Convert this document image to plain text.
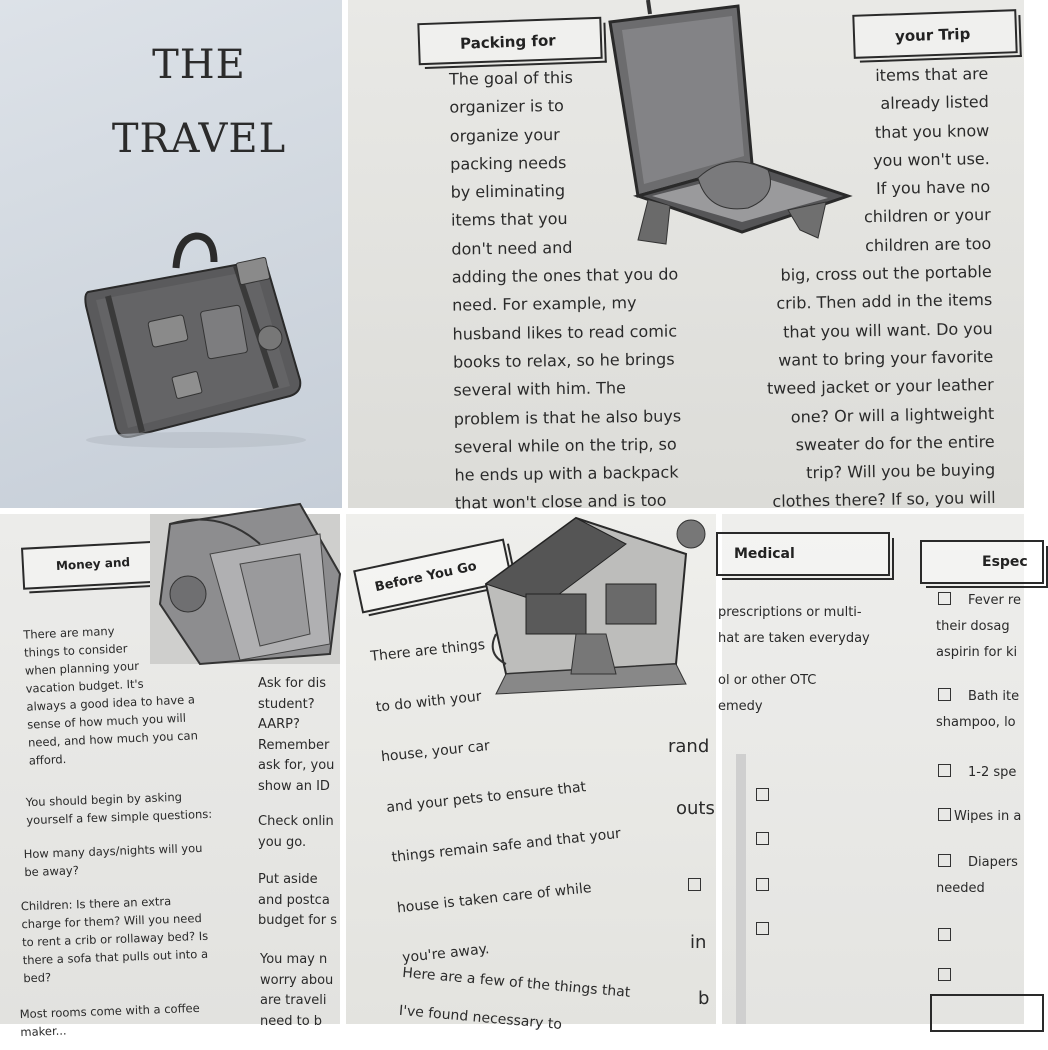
THE
TRAVEL
Packing for	your Trip
The goal of this
organizer is to
organize your
packing needs
by eliminating
items that you
don't need and
adding the ones that you do
need. For example, my
husband likes to read comic
books to relax, so he brings
several with him. The
problem is that he also buys
several while on the trip, so
he ends up with a backpack
that won't close and is too
items that are
already listed
that you know
you won't use.
If you have no
children or your
children are too
big, cross out the portable
crib. Then add in the items
that you will want. Do you
want to bring your favorite
tweed jacket or your leather
one? Or will a lightweight
sweater do for the entire
trip? Will you be buying
clothes there? If so, you will
Money and
There are many
things to consider
when planning your
vacation budget. It's
always a good idea to have a
sense of how much you will
need, and how much you can
afford.
You should begin by asking
yourself a few simple questions:
How many days/nights will you
be away?
Children: Is there an extra
charge for them? Will you need
to rent a crib or rollaway bed? Is
there a sofa that pulls out into a
bed?
Most rooms come with a coffee
maker...
Ask for dis
student?
AARP?
Remember
ask for, you
show an ID
Check onlin
you go.
Put aside
and postca
budget for s
You may n
worry abou
are traveli
need to b
Before You Go
There are things
to do with your
house, your car
and your pets to ensure that
things remain safe and that your
house is taken care of while
you're away.
Here are a few of the things that
I've found necessary to
rand
outs
in
b
Medical	Espec
prescriptions or multi-
hat are taken everyday
ol or other OTC
emedy
Fever re
their dosag
aspirin for ki
Bath ite
shampoo, lo
1-2 spe
Wipes in a
Diapers
needed
